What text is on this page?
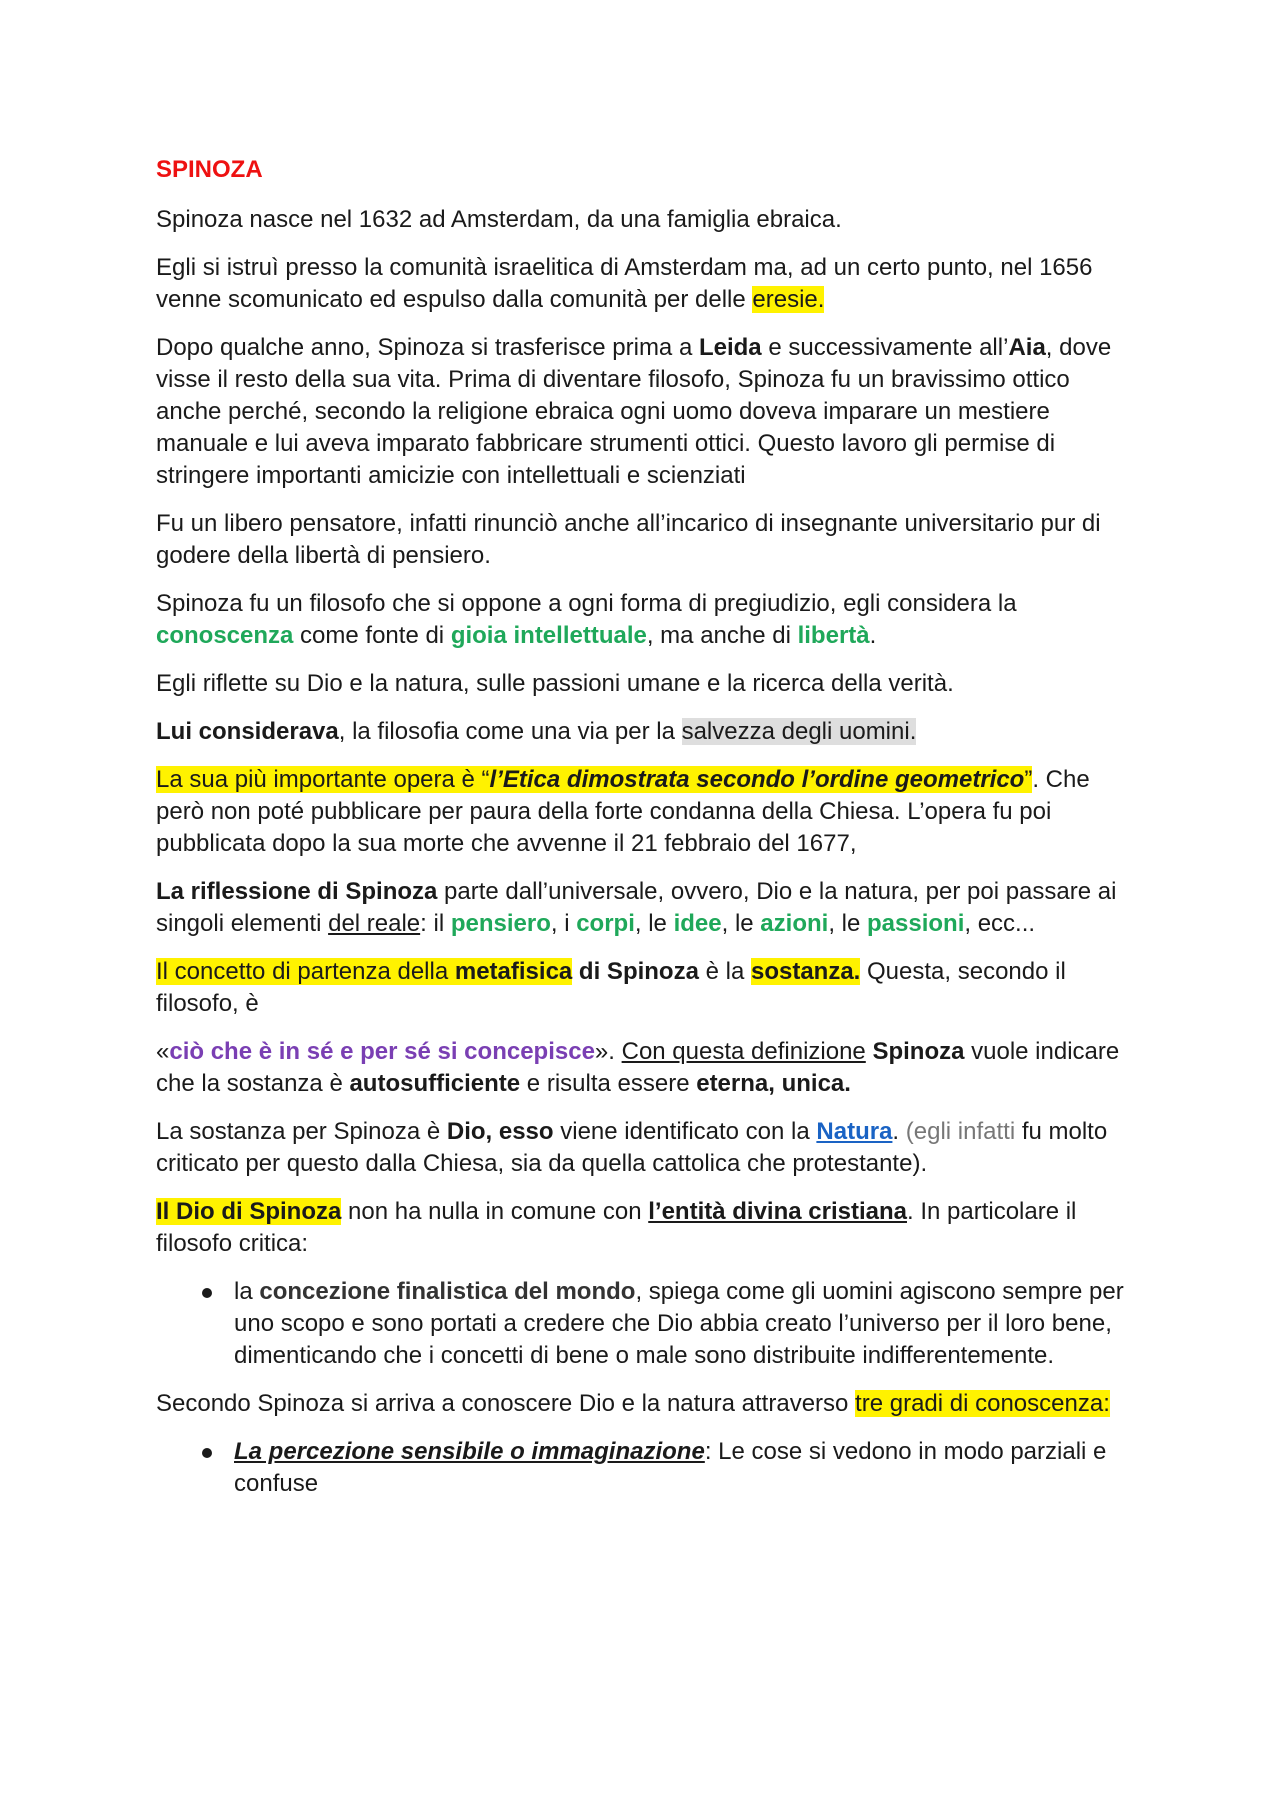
SPINOZA

Spinoza nasce nel 1632 ad Amsterdam, da una famiglia ebraica.

Egli si istruì presso la comunità israelitica di Amsterdam ma, ad un certo punto, nel 1656 venne scomunicato ed espulso dalla comunità per delle eresie.

Dopo qualche anno, Spinoza si trasferisce prima a Leida e successivamente all’Aia, dove visse il resto della sua vita. Prima di diventare filosofo, Spinoza fu un bravissimo ottico anche perché, secondo la religione ebraica ogni uomo doveva imparare un mestiere manuale e lui aveva imparato fabbricare strumenti ottici. Questo lavoro gli permise di stringere importanti amicizie con intellettuali e scienziati

Fu un libero pensatore, infatti rinunciò anche all’incarico di insegnante universitario pur di godere della libertà di pensiero.

Spinoza fu un filosofo che si oppone a ogni forma di pregiudizio, egli considera la conoscenza come fonte di gioia intellettuale, ma anche di libertà.

Egli riflette su Dio e la natura, sulle passioni umane e la ricerca della verità.

Lui considerava, la filosofia come una via per la salvezza degli uomini.

La sua più importante opera è “l’Etica dimostrata secondo l’ordine geometrico”. Che però non poté pubblicare per paura della forte condanna della Chiesa. L’opera fu poi pubblicata dopo la sua morte che avvenne il 21 febbraio del 1677,

La riflessione di Spinoza parte dall’universale, ovvero, Dio e la natura, per poi passare ai singoli elementi del reale: il pensiero, i corpi, le idee, le azioni, le passioni, ecc...

Il concetto di partenza della metafisica di Spinoza è la sostanza. Questa, secondo il filosofo, è

«ciò che è in sé e per sé si concepisce». Con questa definizione Spinoza vuole indicare che la sostanza è autosufficiente e risulta essere eterna, unica.

La sostanza per Spinoza è Dio, esso viene identificato con la Natura. (egli infatti fu molto criticato per questo dalla Chiesa, sia da quella cattolica che protestante).

Il Dio di Spinoza non ha nulla in comune con l’entità divina cristiana. In particolare il filosofo critica:

la concezione finalistica del mondo, spiega come gli uomini agiscono sempre per uno scopo e sono portati a credere che Dio abbia creato l’universo per il loro bene, dimenticando che i concetti di bene o male sono distribuite indifferentemente.

Secondo Spinoza si arriva a conoscere Dio e la natura attraverso tre gradi di conoscenza:

La percezione sensibile o immaginazione: Le cose si vedono in modo parziali e confuse
